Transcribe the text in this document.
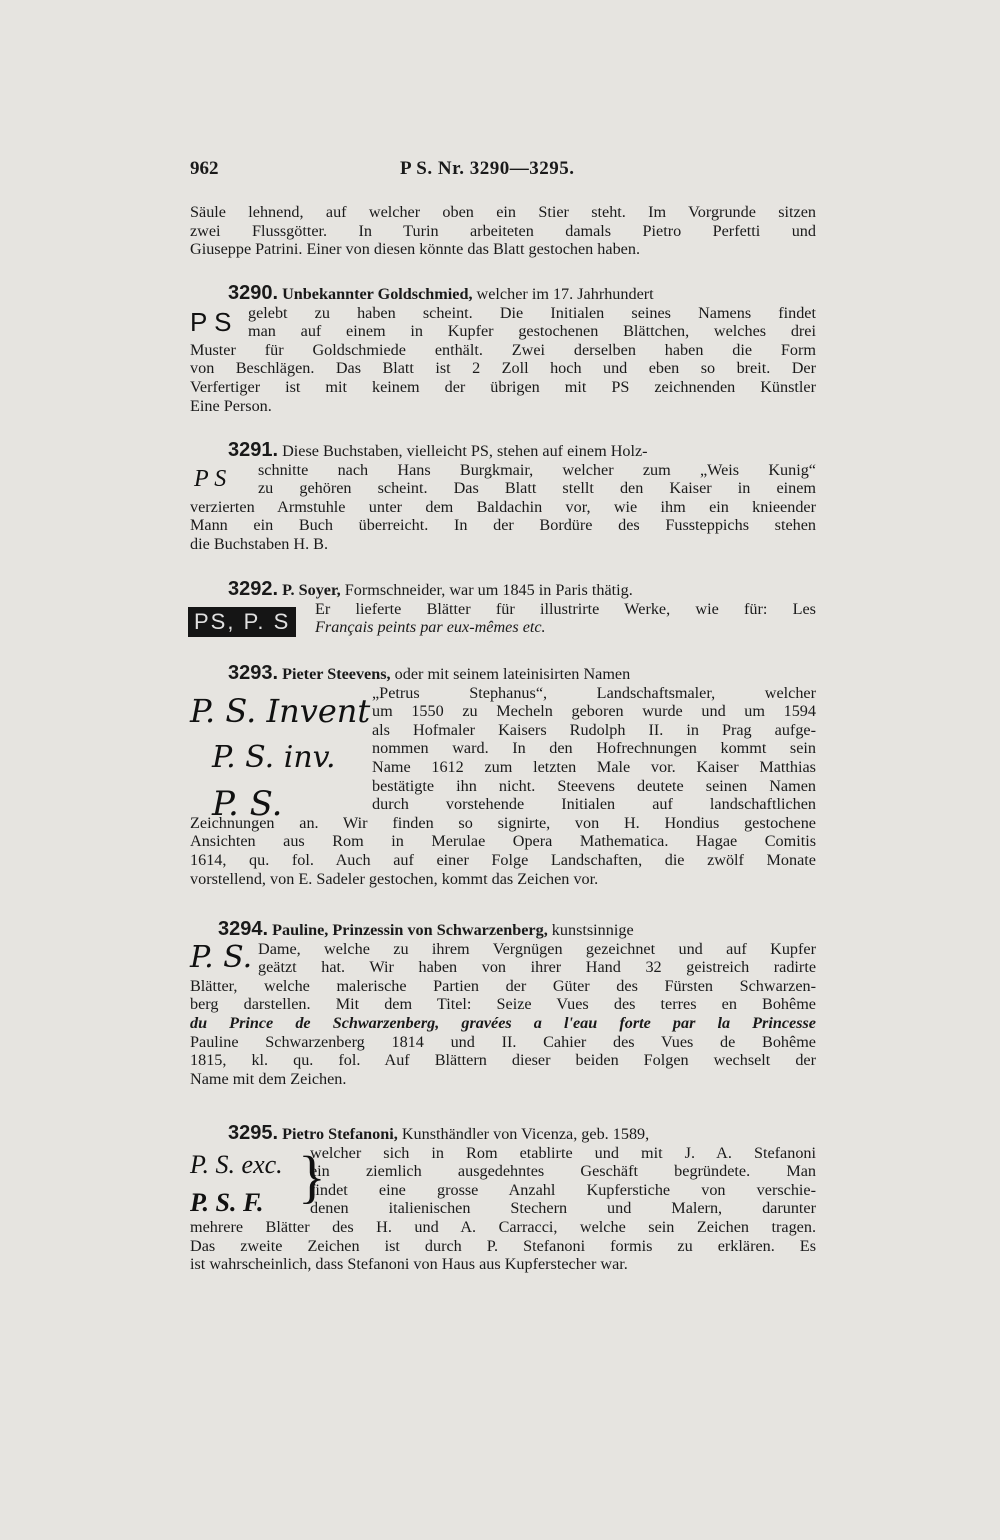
962	P S. Nr. 3290—3295.
Säule lehnend, auf welcher oben ein Stier steht. Im Vorgrunde sitzen
zwei Flussgötter. In Turin arbeiteten damals Pietro Perfetti und
Giuseppe Patrini. Einer von diesen könnte das Blatt gestochen haben.
3290. Unbekannter Goldschmied, welcher im 17. Jahrhundert
gelebt zu haben scheint. Die Initialen seines Namens findet
man auf einem in Kupfer gestochenen Blättchen, welches drei
Muster für Goldschmiede enthält. Zwei derselben haben die Form
von Beschlägen. Das Blatt ist 2 Zoll hoch und eben so breit. Der
Verfertiger ist mit keinem der übrigen mit PS zeichnenden Künstler
Eine Person.
P S
3291. Diese Buchstaben, vielleicht PS, stehen auf einem Holz-
schnitte nach Hans Burgkmair, welcher zum „Weis Kunig“
zu gehören scheint. Das Blatt stellt den Kaiser in einem
verzierten Armstuhle unter dem Baldachin vor, wie ihm ein knieender
Mann ein Buch überreicht. In der Bordüre des Fussteppichs stehen
die Buchstaben H. B.
P S
3292. P. Soyer, Formschneider, war um 1845 in Paris thätig.
Er lieferte Blätter für illustrirte Werke, wie für: Les
Français peints par eux-mêmes etc.
PS, P. S
3293. Pieter Steevens, oder mit seinem lateinisirten Namen
„Petrus Stephanus“, Landschaftsmaler, welcher
um 1550 zu Mecheln geboren wurde und um 1594
als Hofmaler Kaisers Rudolph II. in Prag aufge-
nommen ward. In den Hofrechnungen kommt sein
Name 1612 zum letzten Male vor. Kaiser Matthias
bestätigte ihn nicht. Steevens deutete seinen Namen
durch vorstehende Initialen auf landschaftlichen
Zeichnungen an. Wir finden so signirte, von H. Hondius gestochene
Ansichten aus Rom in Merulae Opera Mathematica. Hagae Comitis
1614, qu. fol. Auch auf einer Folge Landschaften, die zwölf Monate
vorstellend, von E. Sadeler gestochen, kommt das Zeichen vor.
P. S. Invent
P. S. inv.
P. S.
3294. Pauline, Prinzessin von Schwarzenberg, kunstsinnige
Dame, welche zu ihrem Vergnügen gezeichnet und auf Kupfer
geätzt hat. Wir haben von ihrer Hand 32 geistreich radirte
Blätter, welche malerische Partien der Güter des Fürsten Schwarzen-
berg darstellen. Mit dem Titel: Seize Vues des terres en Bohême
du Prince de Schwarzenberg, gravées a l'eau forte par la Princesse
Pauline Schwarzenberg 1814 und II. Cahier des Vues de Bohême
1815, kl. qu. fol. Auf Blättern dieser beiden Folgen wechselt der
Name mit dem Zeichen.
P. S.
3295. Pietro Stefanoni, Kunsthändler von Vicenza, geb. 1589,
welcher sich in Rom etablirte und mit J. A. Stefanoni
ein ziemlich ausgedehntes Geschäft begründete. Man
findet eine grosse Anzahl Kupferstiche von verschie-
denen italienischen Stechern und Malern, darunter
mehrere Blätter des H. und A. Carracci, welche sein Zeichen tragen.
Das zweite Zeichen ist durch P. Stefanoni formis zu erklären. Es
ist wahrscheinlich, dass Stefanoni von Haus aus Kupferstecher war.
P. S. exc.
P. S. F. }
